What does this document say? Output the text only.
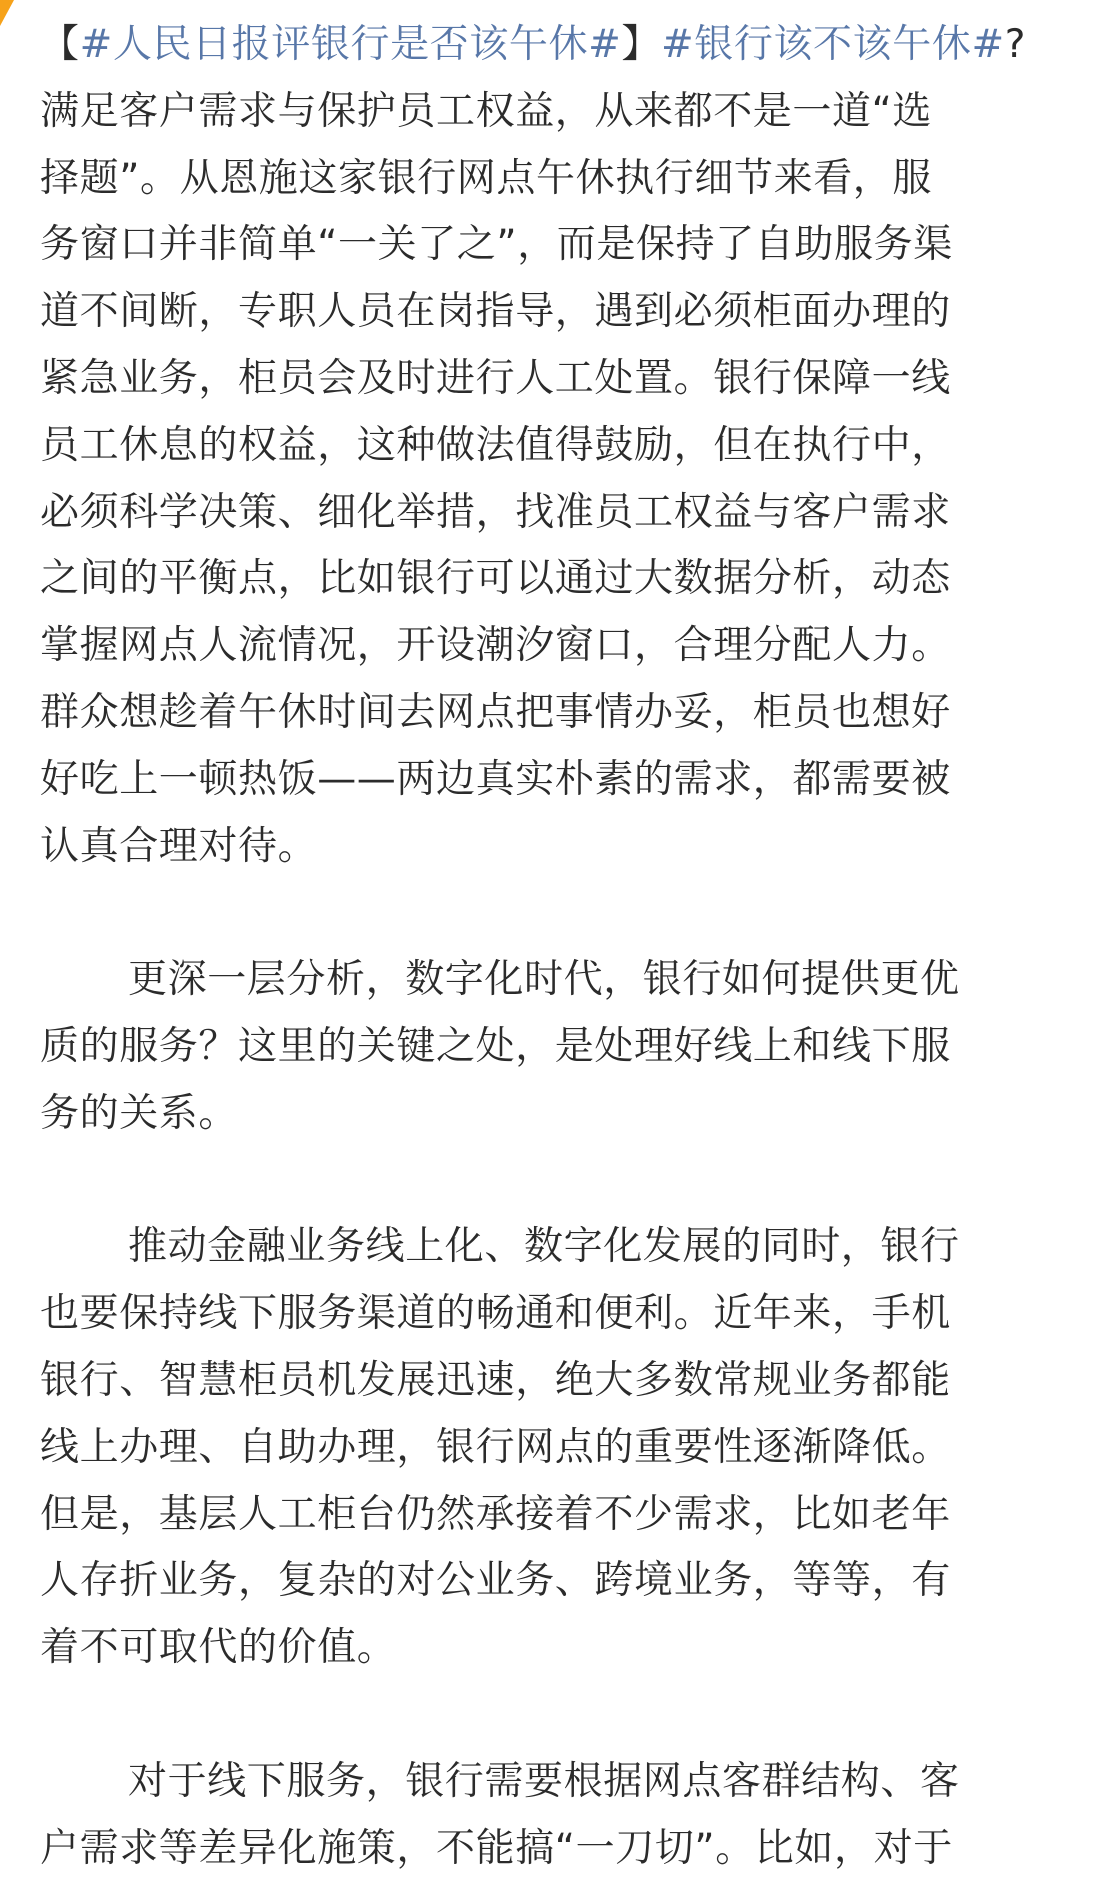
【#人民日报评银行是否该午休#】#银行该不该午休#?
满足客户需求与保护员工权益，从来都不是一道“选
择题”。从恩施这家银行网点午休执行细节来看，服
务窗口并非简单“一关了之”，而是保持了自助服务渠
道不间断，专职人员在岗指导，遇到必须柜面办理的
紧急业务，柜员会及时进行人工处置。银行保障一线
员工休息的权益，这种做法值得鼓励，但在执行中，
必须科学决策、细化举措，找准员工权益与客户需求
之间的平衡点，比如银行可以通过大数据分析，动态
掌握网点人流情况，开设潮汐窗口，合理分配人力。
群众想趁着午休时间去网点把事情办妥，柜员也想好
好吃上一顿热饭——两边真实朴素的需求，都需要被
认真合理对待。

更深一层分析，数字化时代，银行如何提供更优
质的服务？这里的关键之处，是处理好线上和线下服
务的关系。

推动金融业务线上化、数字化发展的同时，银行
也要保持线下服务渠道的畅通和便利。近年来，手机
银行、智慧柜员机发展迅速，绝大多数常规业务都能
线上办理、自助办理，银行网点的重要性逐渐降低。
但是，基层人工柜台仍然承接着不少需求，比如老年
人存折业务，复杂的对公业务、跨境业务，等等，有
着不可取代的价值。

对于线下服务，银行需要根据网点客群结构、客
户需求等差异化施策，不能搞“一刀切”。比如，对于
